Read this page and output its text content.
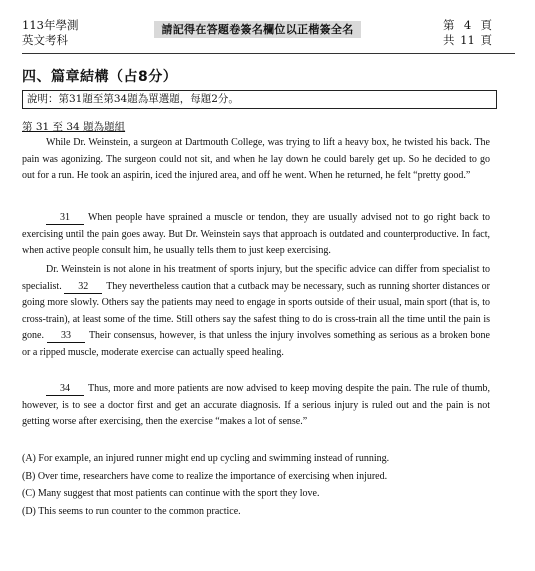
113年學測
英文考科
請記得在答題卷簽名欄位以正楷簽全名	第 4 頁
共 11 頁
四、篇章結構（占8分）
說明：第31題至第34題為單選題，每題2分。
第 31 至 34 題為題組
While Dr. Weinstein, a surgeon at Dartmouth College, was trying to lift a heavy box, he twisted his back. The pain was agonizing. The surgeon could not sit, and when he lay down he could barely get up. So he decided to go out for a run. He took an aspirin, iced the injured area, and off he went. When he returned, he felt “pretty good.”
31 When people have sprained a muscle or tendon, they are usually advised not to go right back to exercising until the pain goes away. But Dr. Weinstein says that approach is outdated and counterproductive. In fact, when active people consult him, he usually tells them to just keep exercising.
Dr. Weinstein is not alone in his treatment of sports injury, but the specific advice can differ from specialist to specialist. 32 They nevertheless caution that a cutback may be necessary, such as running shorter distances or going more slowly. Others say the patients may need to engage in sports outside of their usual, main sport (that is, to cross-train), at least some of the time. Still others say the safest thing to do is cross-train all the time until the pain is gone. 33 Their consensus, however, is that unless the injury involves something as serious as a broken bone or a ripped muscle, moderate exercise can actually speed healing.
34 Thus, more and more patients are now advised to keep moving despite the pain. The rule of thumb, however, is to see a doctor first and get an accurate diagnosis. If a serious injury is ruled out and the pain is not getting worse after exercising, then the exercise “makes a lot of sense.”
(A) For example, an injured runner might end up cycling and swimming instead of running.
(B) Over time, researchers have come to realize the importance of exercising when injured.
(C) Many suggest that most patients can continue with the sport they love.
(D) This seems to run counter to the common practice.
